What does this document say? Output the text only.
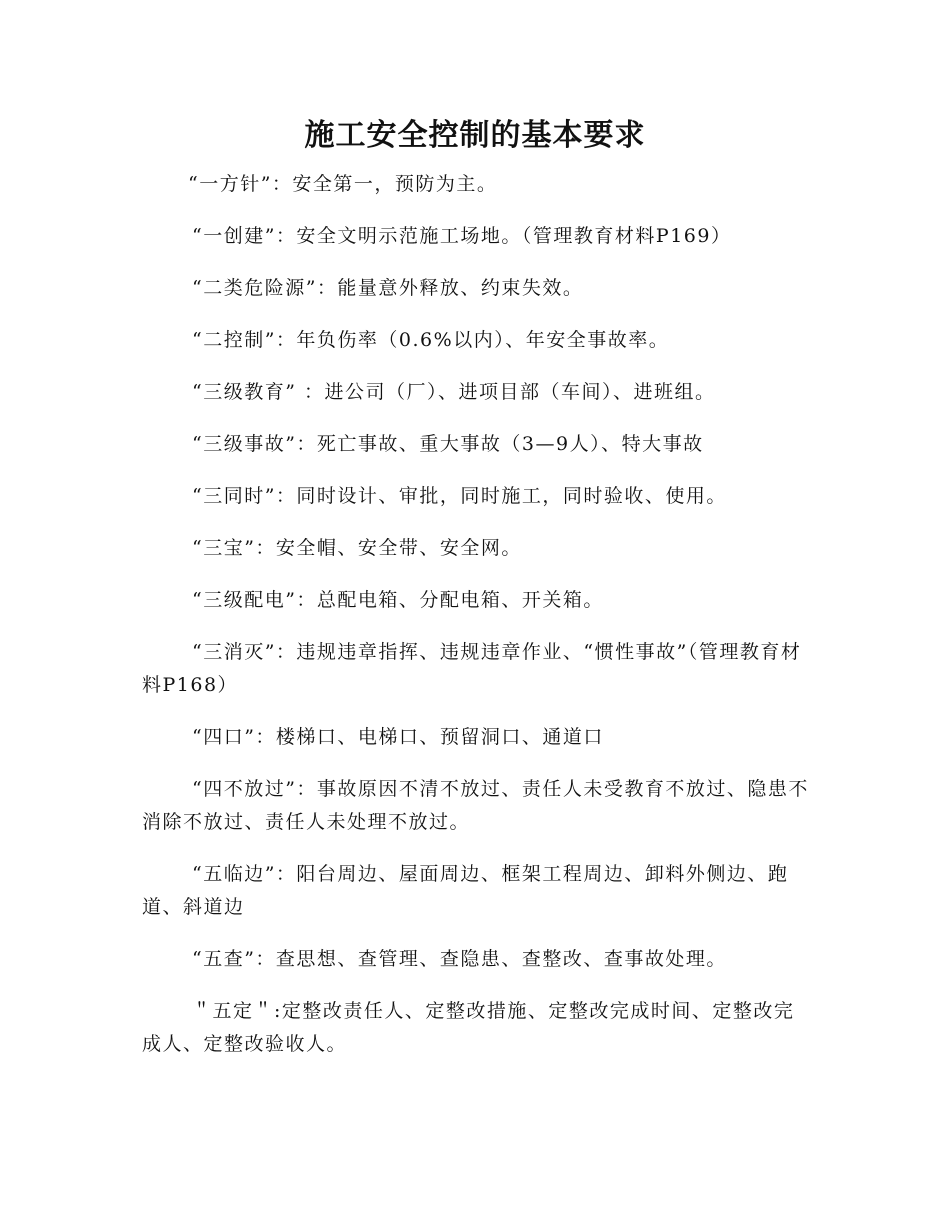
施工安全控制的基本要求

“一方针”：安全第一，预防为主。

“一创建”：安全文明示范施工场地。（管理教育材料P169）

“二类危险源”：能量意外释放、约束失效。

“二控制”：年负伤率（0.6%以内）、年安全事故率。

“三级教育” ：进公司（厂）、进项目部（车间）、进班组。

“三级事故”：死亡事故、重大事故（3—9人）、特大事故

“三同时”：同时设计、审批，同时施工，同时验收、使用。

“三宝”：安全帽、安全带、安全网。

“三级配电”：总配电箱、分配电箱、开关箱。

“三消灭”：违规违章指挥、违规违章作业、“惯性事故”（管理教育材料P168）

“四口”：楼梯口、电梯口、预留洞口、通道口

“四不放过”：事故原因不清不放过、责任人未受教育不放过、隐患不消除不放过、责任人未处理不放过。

“五临边”：阳台周边、屋面周边、框架工程周边、卸料外侧边、跑道、斜道边

“五查”：查思想、查管理、查隐患、查整改、查事故处理。

＂五定＂:定整改责任人、定整改措施、定整改完成时间、定整改完成人、定整改验收人。
